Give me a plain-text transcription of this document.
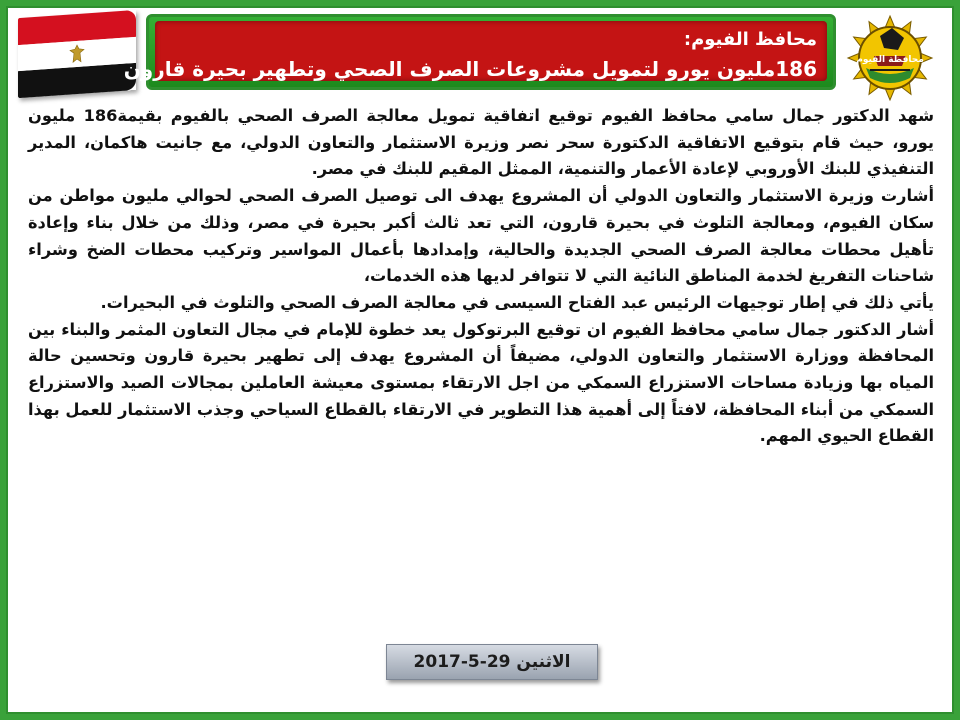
محافظ الفيوم:
186مليون يورو لتمويل مشروعات الصرف الصحي وتطهير بحيرة قارون	محافظة الفيوم

شهد الدكتور جمال سامي محافظ الفيوم توقيع اتفاقية تمويل معالجة الصرف الصحي بالفيوم بقيمة186 مليون يورو، حيث قام بتوقيع الاتفاقية الدكتورة سحر نصر وزيرة الاستثمار والتعاون الدولي، مع جانيت هاكمان، المدير التنفيذي للبنك الأوروبي لإعادة الأعمار والتنمية، الممثل المقيم للبنك في مصر.

أشارت وزيرة الاستثمار والتعاون الدولي أن المشروع يهدف الى توصيل الصرف الصحي لحوالي مليون مواطن من سكان الفيوم، ومعالجة التلوث في بحيرة قارون، التي تعد ثالث أكبر بحيرة في مصر، وذلك من خلال بناء وإعادة تأهيل محطات معالجة الصرف الصحي الجديدة والحالية، وإمدادها بأعمال المواسير وتركيب محطات الضخ وشراء شاحنات التفريغ لخدمة المناطق النائية التي لا تتوافر لديها هذه الخدمات،

يأتي ذلك في إطار توجيهات الرئيس عبد الفتاح السيسى في معالجة الصرف الصحي والتلوث في البحيرات.

أشار الدكتور جمال سامي محافظ الفيوم ان توقيع البرتوكول يعد خطوة للإمام في مجال التعاون المثمر والبناء بين المحافظة ووزارة الاستثمار والتعاون الدولي، مضيفاً أن المشروع يهدف إلى تطهير بحيرة قارون وتحسين حالة المياه بها وزيادة مساحات الاستزراع السمكي من اجل الارتقاء بمستوى معيشة العاملين بمجالات الصيد والاستزراع السمكي من أبناء المحافظة، لافتاً إلى أهمية هذا التطوير في الارتقاء بالقطاع السياحي وجذب الاستثمار للعمل بهذا القطاع الحيوي المهم.

الاثنين 29-5-2017
